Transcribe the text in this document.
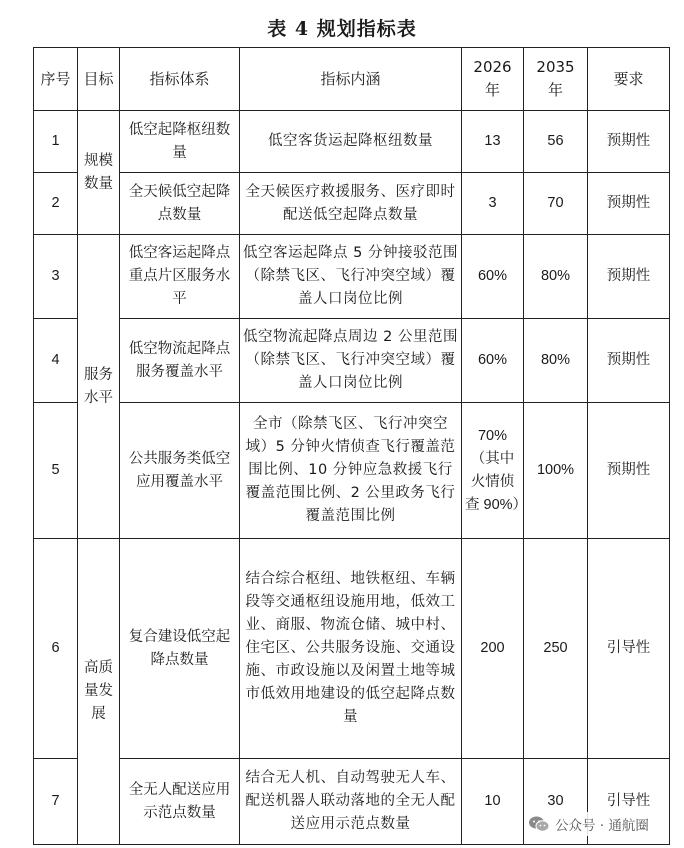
表 4 规划指标表
序号	目标	指标体系	指标内涵	2026 年	2035 年	要求
1	规模数量	低空起降枢纽数量	低空客货运起降枢纽数量	13	56	预期性
2		全天候低空起降点数量	全天候医疗救援服务、医疗即时配送低空起降点数量	3	70	预期性
3	服务水平	低空客运起降点重点片区服务水平	低空客运起降点 5 分钟接驳范围（除禁飞区、飞行冲突空域）覆盖人口岗位比例	60%	80%	预期性
4		低空物流起降点服务覆盖水平	低空物流起降点周边 2 公里范围（除禁飞区、飞行冲突空域）覆盖人口岗位比例	60%	80%	预期性
5		公共服务类低空应用覆盖水平	全市（除禁飞区、飞行冲突空域）5 分钟火情侦查飞行覆盖范围比例、10 分钟应急救援飞行覆盖范围比例、2 公里政务飞行覆盖范围比例	70%（其中火情侦查 90%）	100%	预期性
6	高质量发展	复合建设低空起降点数量	结合综合枢纽、地铁枢纽、车辆段等交通枢纽设施用地，低效工业、商服、物流仓储、城中村、住宅区、公共服务设施、交通设施、市政设施以及闲置土地等城市低效用地建设的低空起降点数量	200	250	引导性
7		全无人配送应用示范点数量	结合无人机、自动驾驶无人车、配送机器人联动落地的全无人配送应用示范点数量	10	30	引导性
公众号 · 通航圈
